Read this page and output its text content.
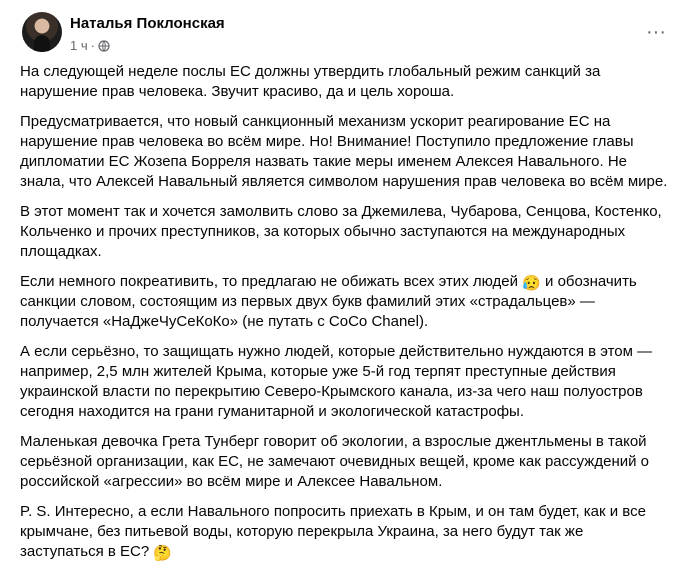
Наталья Поклонская
1 ч ·
···

На следующей неделе послы ЕС должны утвердить глобальный режим санкций за нарушение прав человека. Звучит красиво, да и цель хороша.

Предусматривается, что новый санкционный механизм ускорит реагирование ЕС на нарушение прав человека во всём мире. Но! Внимание! Поступило предложение главы дипломатии ЕС Жозепа Борреля назвать такие меры именем Алексея Навального. Не знала, что Алексей Навальный является символом нарушения прав человека во всём мире.

В этот момент так и хочется замолвить слово за Джемилева, Чубарова, Сенцова, Костенко, Кольченко и прочих преступников, за которых обычно заступаются на международных площадках.

Если немного покреативить, то предлагаю не обижать всех этих людей 😥 и обозначить санкции словом, состоящим из первых двух букв фамилий этих «страдальцев» — получается «НаДжеЧуСеКоКо» (не путать с CoCo Chanel).

А если серьёзно, то защищать нужно людей, которые действительно нуждаются в этом — например, 2,5 млн жителей Крыма, которые уже 5-й год терпят преступные действия украинской власти по перекрытию Северо-Крымского канала, из-за чего наш полуостров сегодня находится на грани гуманитарной и экологической катастрофы.

Маленькая девочка Грета Тунберг говорит об экологии, а взрослые джентльмены в такой серьёзной организации, как ЕС, не замечают очевидных вещей, кроме как рассуждений о российской «агрессии» во всём мире и Алексее Навальном.

P. S. Интересно, а если Навального попросить приехать в Крым, и он там будет, как и все крымчане, без питьевой воды, которую перекрыла Украина, за него будут так же заступаться в ЕС? 🤔
